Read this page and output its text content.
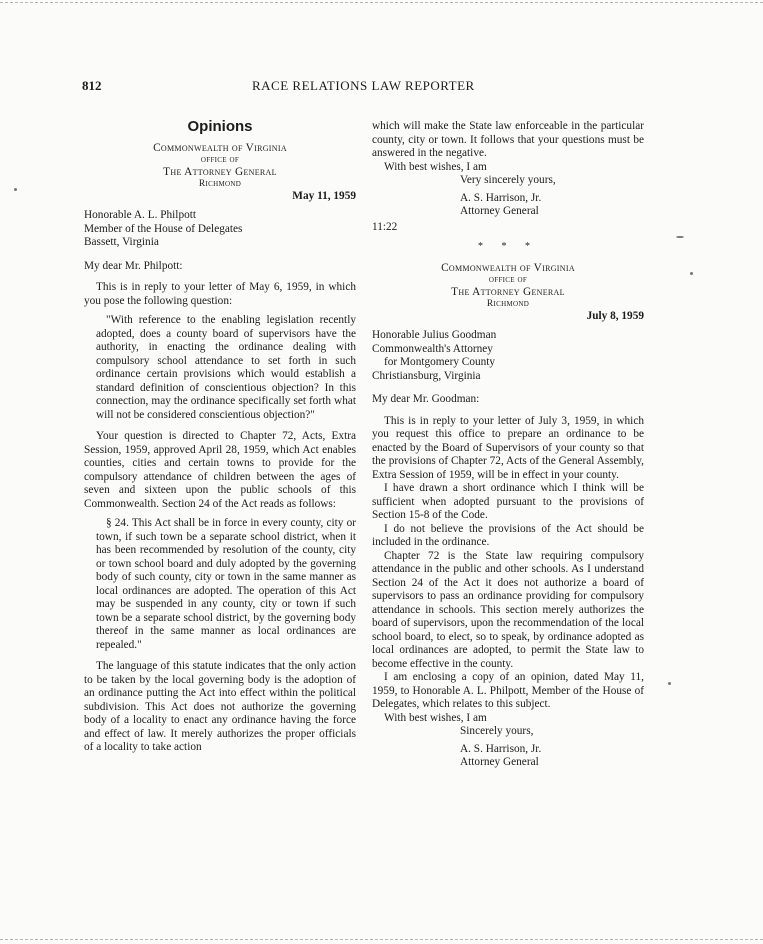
812	RACE RELATIONS LAW REPORTER
Opinions
Commonwealth of Virginia
office of
The Attorney General
Richmond
May 11, 1959
Honorable A. L. Philpott
Member of the House of Delegates
Bassett, Virginia

My dear Mr. Philpott:

This is in reply to your letter of May 6, 1959, in which you pose the following question:

"With reference to the enabling legislation recently adopted, does a county board of supervisors have the authority, in enacting the ordinance dealing with compulsory school attendance to set forth in such ordinance certain provisions which would establish a standard definition of conscientious objection? In this connection, may the ordinance specifically set forth what will not be considered conscientious objection?"

Your question is directed to Chapter 72, Acts, Extra Session, 1959, approved April 28, 1959, which Act enables counties, cities and certain towns to provide for the compulsory attendance of children between the ages of seven and sixteen upon the public schools of this Commonwealth. Section 24 of the Act reads as follows:

§ 24. This Act shall be in force in every county, city or town, if such town be a separate school district, when it has been recommended by resolution of the county, city or town school board and duly adopted by the governing body of such county, city or town in the same manner as local ordinances are adopted. The operation of this Act may be suspended in any county, city or town if such town be a separate school district, by the governing body thereof in the same manner as local ordinances are repealed."

The language of this statute indicates that the only action to be taken by the local governing body is the adoption of an ordinance putting the Act into effect within the political subdivision. This Act does not authorize the governing body of a locality to enact any ordinance having the force and effect of law. It merely authorizes the proper officials of a locality to take action

which will make the State law enforceable in the particular county, city or town. It follows that your questions must be answered in the negative.

With best wishes, I am

Very sincerely yours,

A. S. Harrison, Jr.

Attorney General

11:22

* * *
Commonwealth of Virginia
office of
The Attorney General
Richmond
July 8, 1959
Honorable Julius Goodman
Commonwealth's Attorney
for Montgomery County
Christiansburg, Virginia

My dear Mr. Goodman:

This is in reply to your letter of July 3, 1959, in which you request this office to prepare an ordinance to be enacted by the Board of Supervisors of your county so that the provisions of Chapter 72, Acts of the General Assembly, Extra Session of 1959, will be in effect in your county.

I have drawn a short ordinance which I think will be sufficient when adopted pursuant to the provisions of Section 15-8 of the Code.

I do not believe the provisions of the Act should be included in the ordinance.

Chapter 72 is the State law requiring compulsory attendance in the public and other schools. As I understand Section 24 of the Act it does not authorize a board of supervisors to pass an ordinance providing for compulsory attendance in schools. This section merely authorizes the board of supervisors, upon the recommendation of the local school board, to elect, so to speak, by ordinance adopted as local ordinances are adopted, to permit the State law to become effective in the county.

I am enclosing a copy of an opinion, dated May 11, 1959, to Honorable A. L. Philpott, Member of the House of Delegates, which relates to this subject.

With best wishes, I am

Sincerely yours,

A. S. Harrison, Jr.

Attorney General
